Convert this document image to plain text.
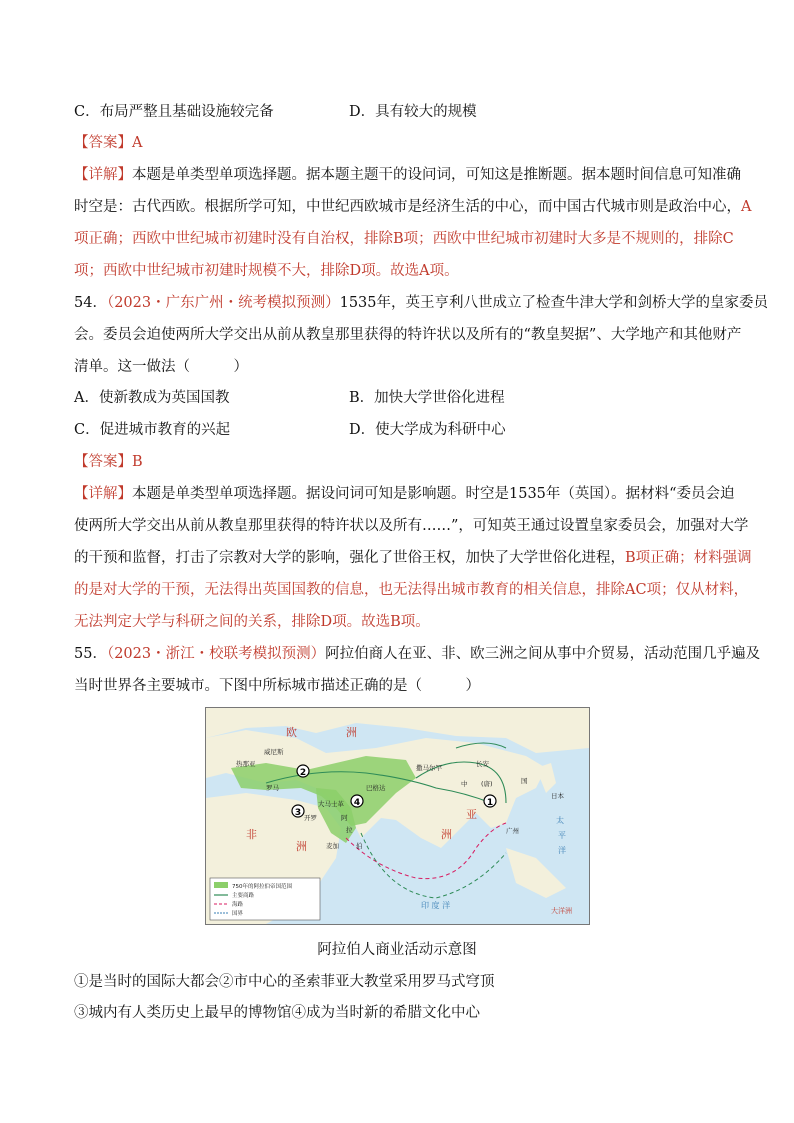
C．布局严整且基础设施较完备	D．具有较大的规模
【答案】A
【详解】本题是单类型单项选择题。据本题主题干的设问词，可知这是推断题。据本题时间信息可知准确
时空是：古代西欧。根据所学可知，中世纪西欧城市是经济生活的中心，而中国古代城市则是政治中心，A
项正确；西欧中世纪城市初建时没有自治权，排除B项；西欧中世纪城市初建时大多是不规则的，排除C
项；西欧中世纪城市初建时规模不大，排除D项。故选A项。
54．（2023・广东广州・统考模拟预测）1535年，英王亨利八世成立了检查牛津大学和剑桥大学的皇家委员
会。委员会迫使两所大学交出从前从教皇那里获得的特许状以及所有的“教皇契据”、大学地产和其他财产
清单。这一做法（　　　）
A．使新教成为英国国教	B．加快大学世俗化进程
C．促进城市教育的兴起	D．使大学成为科研中心
【答案】B
【详解】本题是单类型单项选择题。据设问词可知是影响题。时空是1535年（英国）。据材料“委员会迫
使两所大学交出从前从教皇那里获得的特许状以及所有……”，可知英王通过设置皇家委员会，加强对大学
的干预和监督，打击了宗教对大学的影响，强化了世俗王权，加快了大学世俗化进程，B项正确；材料强调
的是对大学的干预，无法得出英国国教的信息，也无法得出城市教育的相关信息，排除AC项；仅从材料，
无法判定大学与科研之间的关系，排除D项。故选B项。
55．（2023・浙江・校联考模拟预测）阿拉伯商人在亚、非、欧三洲之间从事中介贸易，活动范围几乎遍及
当时世界各主要城市。下图中所标城市描述正确的是（　　　）
1
2
3
4
欧	洲
非
洲
亚
洲
威尼斯
热那亚
罗马
撒马尔罕
巴格达
大马士革
开罗
麦加
阿
拉
伯
长安
中 (唐)	国
日本
广州
太
平
洋
印 度 洋
大洋洲
750年的阿拉伯帝国范围
主要商路
海路
国界
阿拉伯人商业活动示意图
①是当时的国际大都会②市中心的圣索菲亚大教堂采用罗马式穹顶
③城内有人类历史上最早的博物馆④成为当时新的希腊文化中心
